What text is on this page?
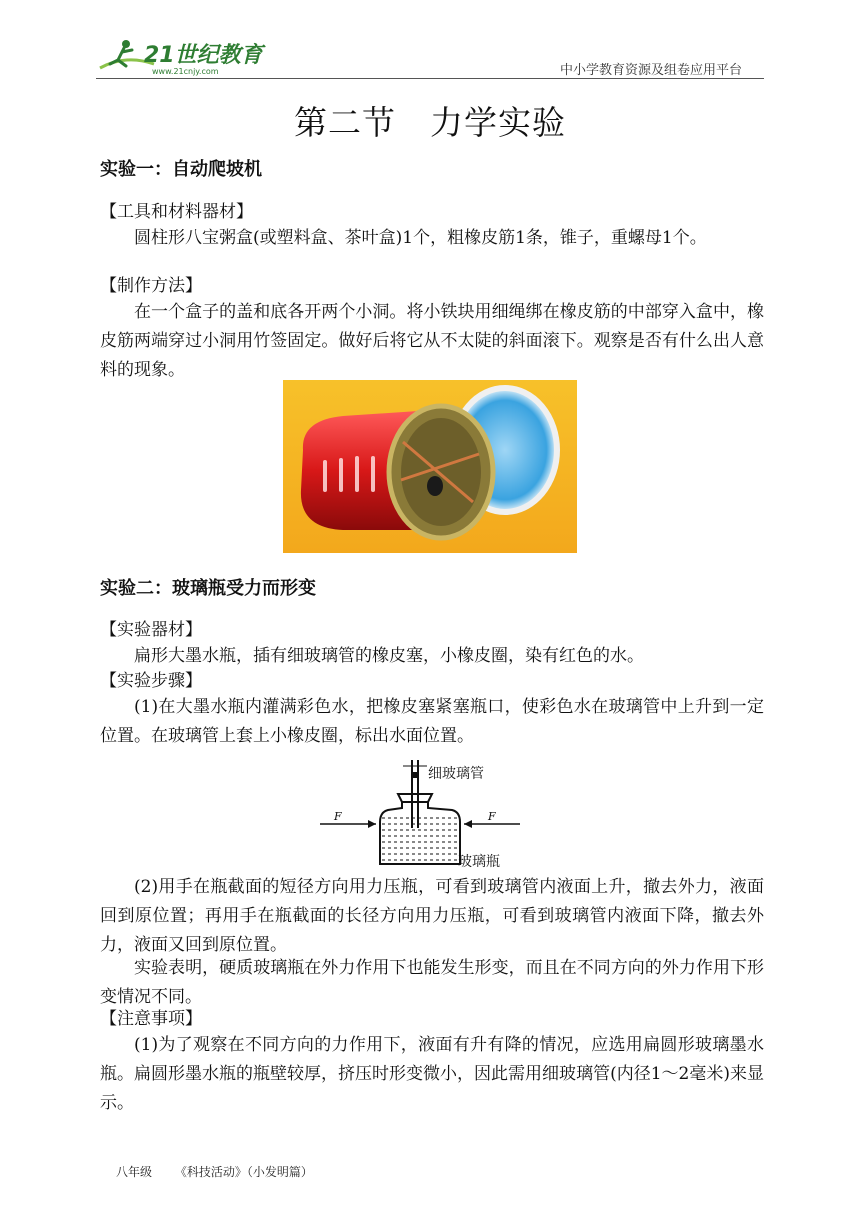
21世纪教育
www.21cnjy.com	中小学教育资源及组卷应用平台
第二节　力学实验
实验一：自动爬坡机
【工具和材料器材】
圆柱形八宝粥盒(或塑料盒、茶叶盒)1个，粗橡皮筋1条，锥子，重螺母1个。
【制作方法】
在一个盒子的盖和底各开两个小洞。将小铁块用细绳绑在橡皮筋的中部穿入盒中，橡皮筋两端穿过小洞用竹签固定。做好后将它从不太陡的斜面滚下。观察是否有什么出人意料的现象。
实验二：玻璃瓶受力而形变
【实验器材】
扁形大墨水瓶，插有细玻璃管的橡皮塞，小橡皮圈，染有红色的水。
【实验步骤】
(1)在大墨水瓶内灌满彩色水，把橡皮塞紧塞瓶口，使彩色水在玻璃管中上升到一定位置。在玻璃管上套上小橡皮圈，标出水面位置。
细玻璃管
F	F
玻璃瓶
(2)用手在瓶截面的短径方向用力压瓶，可看到玻璃管内液面上升，撤去外力，液面回到原位置；再用手在瓶截面的长径方向用力压瓶，可看到玻璃管内液面下降，撤去外力，液面又回到原位置。
实验表明，硬质玻璃瓶在外力作用下也能发生形变，而且在不同方向的外力作用下形变情况不同。
【注意事项】
(1)为了观察在不同方向的力作用下，液面有升有降的情况，应选用扁圆形玻璃墨水瓶。扁圆形墨水瓶的瓶壁较厚，挤压时形变微小，因此需用细玻璃管(内径1～2毫米)来显示。
八年级 《科技活动》（小发明篇）
